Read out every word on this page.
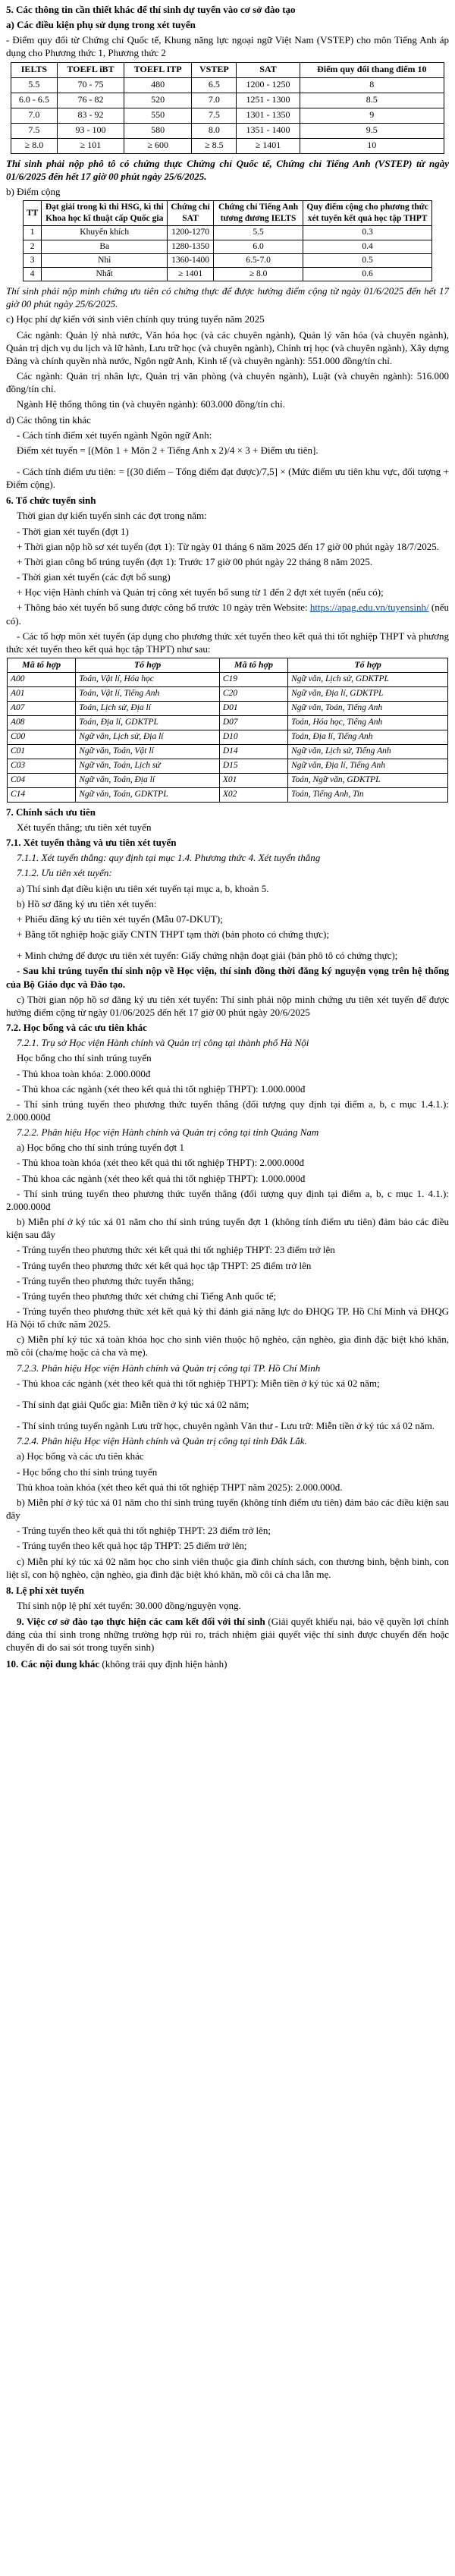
5. Các thông tin cần thiết khác để thí sinh dự tuyển vào cơ sở đào tạo
a) Các điều kiện phụ sử dụng trong xét tuyển
- Điểm quy đổi từ Chứng chỉ Quốc tế, Khung năng lực ngoại ngữ Việt Nam (VSTEP) cho môn Tiếng Anh áp dụng cho Phương thức 1, Phương thức 2
IELTS	TOEFL iBT	TOEFL ITP	VSTEP	SAT	Điểm quy đổi thang điểm 10
5.5	70 - 75	480	6.5	1200 - 1250	8
6.0 - 6.5	76 - 82	520	7.0	1251 - 1300	8.5
7.0	83 - 92	550	7.5	1301 - 1350	9
7.5	93 - 100	580	8.0	1351 - 1400	9.5
≥ 8.0	≥ 101	≥ 600	≥ 8.5	≥ 1401	10
Thí sinh phải nộp phô tô có chứng thực Chứng chỉ Quốc tế, Chứng chỉ Tiếng Anh (VSTEP) từ ngày 01/6/2025 đến hết 17 giờ 00 phút ngày 25/6/2025.
b) Điểm cộng
TT	Đạt giải trong kì thi HSG, kì thi Khoa học kĩ thuật cấp Quốc gia	Chứng chỉ SAT	Chứng chỉ Tiếng Anh tương đương IELTS	Quy điểm cộng cho phương thức xét tuyển kết quả học tập THPT
1	Khuyến khích	1200-1270	5.5	0.3
2	Ba	1280-1350	6.0	0.4
3	Nhì	1360-1400	6.5-7.0	0.5
4	Nhất	≥ 1401	≥ 8.0	0.6
Thí sinh phải nộp minh chứng ưu tiên có chứng thực để được hưởng điểm cộng từ ngày 01/6/2025 đến hết 17 giờ 00 phút ngày 25/6/2025.
c) Học phí dự kiến với sinh viên chính quy trúng tuyển năm 2025
Các ngành: Quản lý nhà nước, Văn hóa học (và các chuyên ngành), Quản lý văn hóa (và chuyên ngành), Quản trị dịch vụ du lịch và lữ hành, Lưu trữ học (và chuyên ngành), Chính trị học (và chuyên ngành), Xây dựng Đảng và chính quyền nhà nước, Ngôn ngữ Anh, Kinh tế (và chuyên ngành): 551.000 đồng/tín chỉ.
Các ngành: Quản trị nhân lực, Quản trị văn phòng (và chuyên ngành), Luật (và chuyên ngành): 516.000 đồng/tín chỉ.
Ngành Hệ thống thông tin (và chuyên ngành): 603.000 đồng/tín chỉ.
d) Các thông tin khác
- Cách tính điểm xét tuyển ngành Ngôn ngữ Anh:
Điểm xét tuyển = [(Môn 1 + Môn 2 + Tiếng Anh x 2)/4 × 3 + Điểm ưu tiên].
- Cách tính điểm ưu tiên: = [(30 điểm – Tổng điểm đạt được)/7,5] × (Mức điểm ưu tiên khu vực, đối tượng + Điểm cộng).
6. Tổ chức tuyển sinh
Thời gian dự kiến tuyển sinh các đợt trong năm:
- Thời gian xét tuyển (đợt 1)
+ Thời gian nộp hồ sơ xét tuyển (đợt 1): Từ ngày 01 tháng 6 năm 2025 đến 17 giờ 00 phút ngày 18/7/2025.
+ Thời gian công bố trúng tuyển (đợt 1): Trước 17 giờ 00 phút ngày 22 tháng 8 năm 2025.
- Thời gian xét tuyển (các đợt bổ sung)
+ Học viện Hành chính và Quản trị công xét tuyển bổ sung từ 1 đến 2 đợt xét tuyển (nếu có);
+ Thông báo xét tuyển bổ sung được công bố trước 10 ngày trên Website: https://apag.edu.vn/tuyensinh/ (nếu có).
- Các tổ hợp môn xét tuyển (áp dụng cho phương thức xét tuyển theo kết quả thi tốt nghiệp THPT và phương thức xét tuyển theo kết quả học tập THPT) như sau:
Mã tổ hợp	Tổ hợp	Mã tổ hợp	Tổ hợp
A00	Toán, Vật lí, Hóa học	C19	Ngữ văn, Lịch sử, GDKTPL
A01	Toán, Vật lí, Tiếng Anh	C20	Ngữ văn, Địa lí, GDKTPL
A07	Toán, Lịch sử, Địa lí	D01	Ngữ văn, Toán, Tiếng Anh
A08	Toán, Địa lí, GDKTPL	D07	Toán, Hóa học, Tiếng Anh
C00	Ngữ văn, Lịch sử, Địa lí	D10	Toán, Địa lí, Tiếng Anh
C01	Ngữ văn, Toán, Vật lí	D14	Ngữ văn, Lịch sử, Tiếng Anh
C03	Ngữ văn, Toán, Lịch sử	D15	Ngữ văn, Địa lí, Tiếng Anh
C04	Ngữ văn, Toán, Địa lí	X01	Toán, Ngữ văn, GDKTPL
C14	Ngữ văn, Toán, GDKTPL	X02	Toán, Tiếng Anh, Tin
7. Chính sách ưu tiên
Xét tuyển thẳng; ưu tiên xét tuyển
7.1. Xét tuyển thẳng và ưu tiên xét tuyển
7.1.1. Xét tuyển thẳng: quy định tại mục 1.4. Phương thức 4. Xét tuyển thẳng
7.1.2. Ưu tiên xét tuyển:
a) Thí sinh đạt điều kiện ưu tiên xét tuyển tại mục a, b, khoản 5.
b) Hồ sơ đăng ký ưu tiên xét tuyển:
+ Phiếu đăng ký ưu tiên xét tuyển (Mẫu 07-DKUT);
+ Bằng tốt nghiệp hoặc giấy CNTN THPT tạm thời (bản photo có chứng thực);
+ Minh chứng để được ưu tiên xét tuyển: Giấy chứng nhận đoạt giải (bản phô tô có chứng thực);
- Sau khi trúng tuyển thí sinh nộp về Học viện, thí sinh đồng thời đăng ký nguyện vọng trên hệ thống của Bộ Giáo dục và Đào tạo.
c) Thời gian nộp hồ sơ đăng ký ưu tiên xét tuyển: Thí sinh phải nộp minh chứng ưu tiên xét tuyển để được hưởng điểm cộng từ ngày 01/06/2025 đến hết 17 giờ 00 phút ngày 20/6/2025
7.2. Học bổng và các ưu tiên khác
7.2.1. Trụ sở Học viện Hành chính và Quản trị công tại thành phố Hà Nội
Học bổng cho thí sinh trúng tuyển
- Thủ khoa toàn khóa: 2.000.000đ
- Thủ khoa các ngành (xét theo kết quả thi tốt nghiệp THPT): 1.000.000đ
- Thí sinh trúng tuyển theo phương thức tuyển thẳng (đối tượng quy định tại điểm a, b, c mục 1.4.1.): 2.000.000đ
7.2.2. Phân hiệu Học viện Hành chính và Quản trị công tại tỉnh Quảng Nam
a) Học bổng cho thí sinh trúng tuyển đợt 1
- Thủ khoa toàn khóa (xét theo kết quả thi tốt nghiệp THPT): 2.000.000đ
- Thủ khoa các ngành (xét theo kết quả thi tốt nghiệp THPT): 1.000.000đ
- Thí sinh trúng tuyển theo phương thức tuyển thẳng (đối tượng quy định tại điểm a, b, c mục 1. 4.1.): 2.000.000đ
b) Miễn phí ở ký túc xá 01 năm cho thí sinh trúng tuyển đợt 1 (không tính điểm ưu tiên) đảm bảo các điều kiện sau đây
- Trúng tuyển theo phương thức xét kết quả thi tốt nghiệp THPT: 23 điểm trở lên
- Trúng tuyển theo phương thức xét kết quả học tập THPT: 25 điểm trở lên
- Trúng tuyển theo phương thức tuyển thẳng;
- Trúng tuyển theo phương thức xét chứng chỉ Tiếng Anh quốc tế;
- Trúng tuyển theo phương thức xét kết quả kỳ thi đánh giá năng lực do ĐHQG TP. Hồ Chí Minh và ĐHQG Hà Nội tổ chức năm 2025.
c) Miễn phí ký túc xá toàn khóa học cho sinh viên thuộc hộ nghèo, cận nghèo, gia đình đặc biệt khó khăn, mồ côi (cha/mẹ hoặc cả cha và mẹ).
7.2.3. Phân hiệu Học viện Hành chính và Quản trị công tại TP. Hồ Chí Minh
- Thủ khoa các ngành (xét theo kết quả thi tốt nghiệp THPT): Miễn tiền ở ký túc xá 02 năm;
- Thí sinh đạt giải Quốc gia: Miễn tiền ở ký túc xá 02 năm;
- Thí sinh trúng tuyển ngành Lưu trữ học, chuyên ngành Văn thư - Lưu trữ: Miễn tiền ở ký túc xá 02 năm.
7.2.4. Phân hiệu Học viện Hành chính và Quản trị công tại tỉnh Đắk Lắk.
a) Học bổng và các ưu tiên khác
- Học bổng cho thí sinh trúng tuyển
Thủ khoa toàn khóa (xét theo kết quả thi tốt nghiệp THPT năm 2025): 2.000.000đ.
b) Miễn phí ở ký túc xá 01 năm cho thí sinh trúng tuyển (không tính điểm ưu tiên) đảm bảo các điều kiện sau đây
- Trúng tuyển theo kết quả thi tốt nghiệp THPT: 23 điểm trở lên;
- Trúng tuyển theo kết quả học tập THPT: 25 điểm trở lên;
c) Miễn phí ký túc xá 02 năm học cho sinh viên thuộc gia đình chính sách, con thương binh, bệnh binh, con liệt sĩ, con hộ nghèo, cận nghèo, gia đình đặc biệt khó khăn, mồ côi cả cha lẫn mẹ.
8. Lệ phí xét tuyển
Thí sinh nộp lệ phí xét tuyển: 30.000 đồng/nguyện vọng.
9. Việc cơ sở đào tạo thực hiện các cam kết đối với thí sinh (Giải quyết khiếu nại, bảo vệ quyền lợi chính đáng của thí sinh trong những trường hợp rủi ro, trách nhiệm giải quyết việc thí sinh được chuyển đến hoặc chuyển đi do sai sót trong tuyển sinh)
10. Các nội dung khác (không trái quy định hiện hành)
